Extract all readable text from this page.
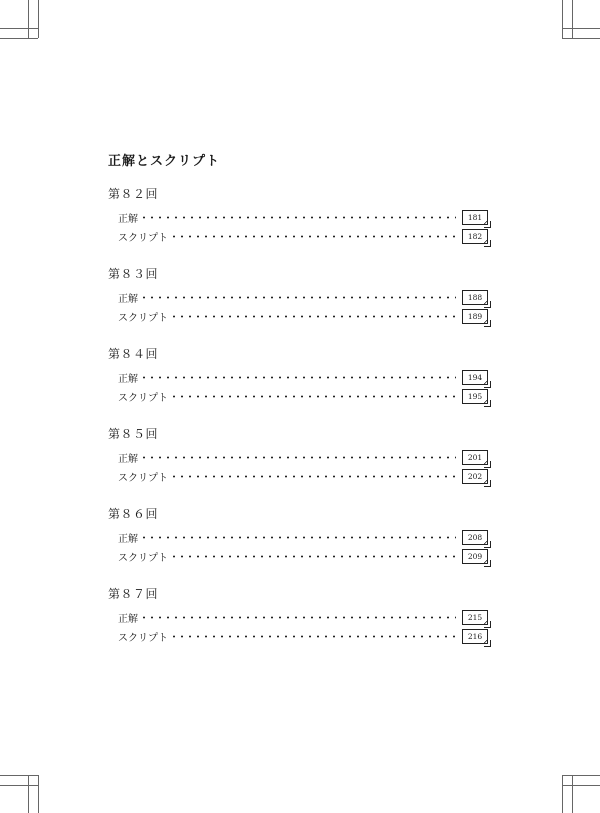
正解とスクリプト
第８２回
正解	181
スクリプト	182
第８３回
正解	188
スクリプト	189
第８４回
正解	194
スクリプト	195
第８５回
正解	201
スクリプト	202
第８６回
正解	208
スクリプト	209
第８７回
正解	215
スクリプト	216
